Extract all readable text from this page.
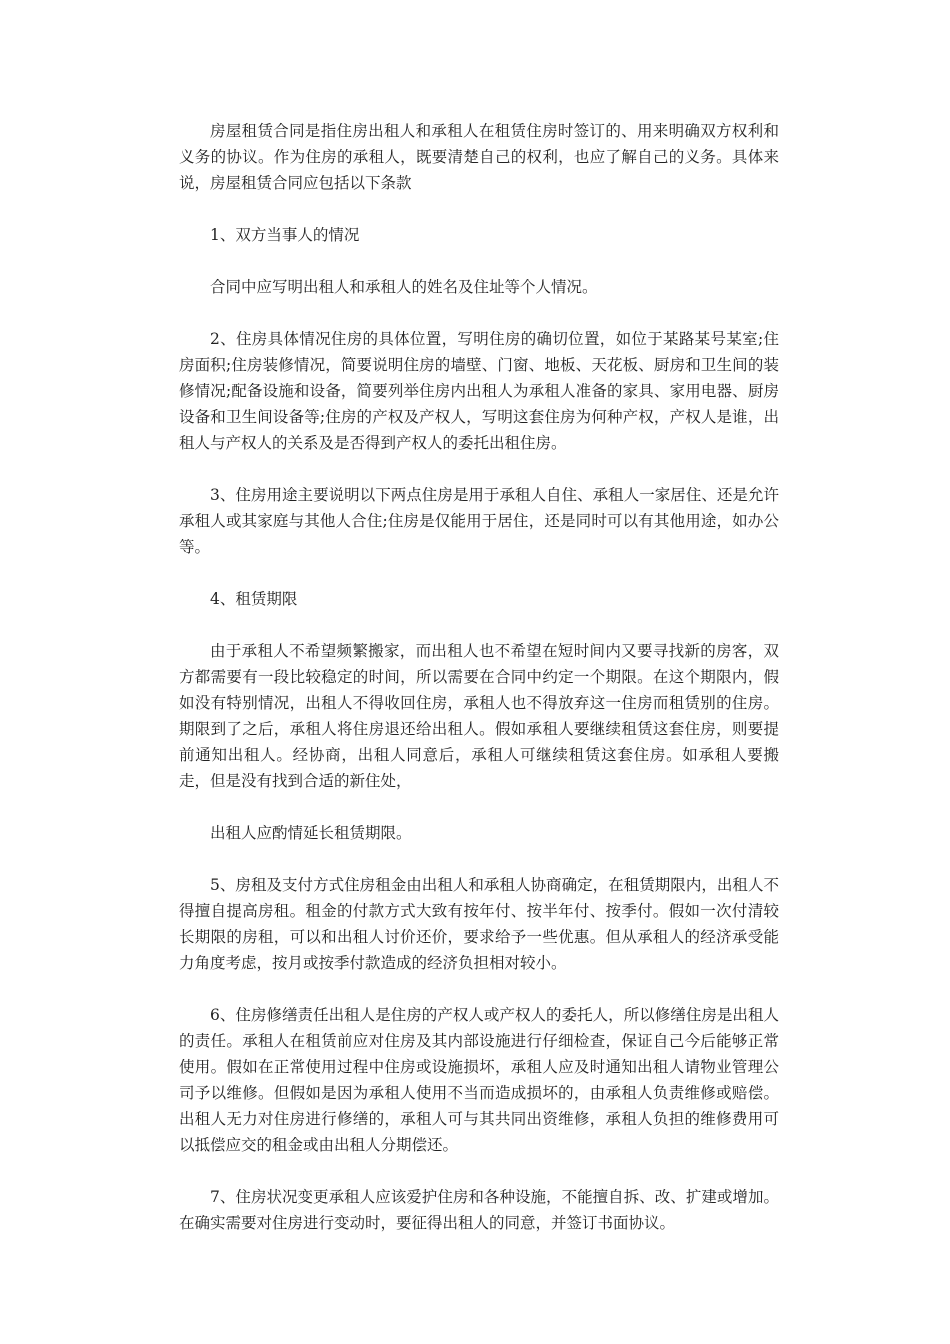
房屋租赁合同是指住房出租人和承租人在租赁住房时签订的、用来明确双方权利和义务的协议。作为住房的承租人，既要清楚自己的权利，也应了解自己的义务。具体来说，房屋租赁合同应包括以下条款

1、双方当事人的情况

合同中应写明出租人和承租人的姓名及住址等个人情况。

2、住房具体情况住房的具体位置，写明住房的确切位置，如位于某路某号某室;住房面积;住房装修情况，简要说明住房的墙壁、门窗、地板、天花板、厨房和卫生间的装修情况;配备设施和设备，简要列举住房内出租人为承租人准备的家具、家用电器、厨房设备和卫生间设备等;住房的产权及产权人，写明这套住房为何种产权，产权人是谁，出租人与产权人的关系及是否得到产权人的委托出租住房。

3、住房用途主要说明以下两点住房是用于承租人自住、承租人一家居住、还是允许承租人或其家庭与其他人合住;住房是仅能用于居住，还是同时可以有其他用途，如办公等。

4、租赁期限

由于承租人不希望频繁搬家，而出租人也不希望在短时间内又要寻找新的房客，双方都需要有一段比较稳定的时间，所以需要在合同中约定一个期限。在这个期限内，假如没有特别情况，出租人不得收回住房，承租人也不得放弃这一住房而租赁别的住房。期限到了之后，承租人将住房退还给出租人。假如承租人要继续租赁这套住房，则要提前通知出租人。经协商，出租人同意后，承租人可继续租赁这套住房。如承租人要搬走，但是没有找到合适的新住处，

出租人应酌情延长租赁期限。

5、房租及支付方式住房租金由出租人和承租人协商确定，在租赁期限内，出租人不得擅自提高房租。租金的付款方式大致有按年付、按半年付、按季付。假如一次付清较长期限的房租，可以和出租人讨价还价，要求给予一些优惠。但从承租人的经济承受能力角度考虑，按月或按季付款造成的经济负担相对较小。

6、住房修缮责任出租人是住房的产权人或产权人的委托人，所以修缮住房是出租人的责任。承租人在租赁前应对住房及其内部设施进行仔细检查，保证自己今后能够正常使用。假如在正常使用过程中住房或设施损坏，承租人应及时通知出租人请物业管理公司予以维修。但假如是因为承租人使用不当而造成损坏的，由承租人负责维修或赔偿。出租人无力对住房进行修缮的，承租人可与其共同出资维修，承租人负担的维修费用可以抵偿应交的租金或由出租人分期偿还。

7、住房状况变更承租人应该爱护住房和各种设施，不能擅自拆、改、扩建或增加。在确实需要对住房进行变动时，要征得出租人的同意，并签订书面协议。
